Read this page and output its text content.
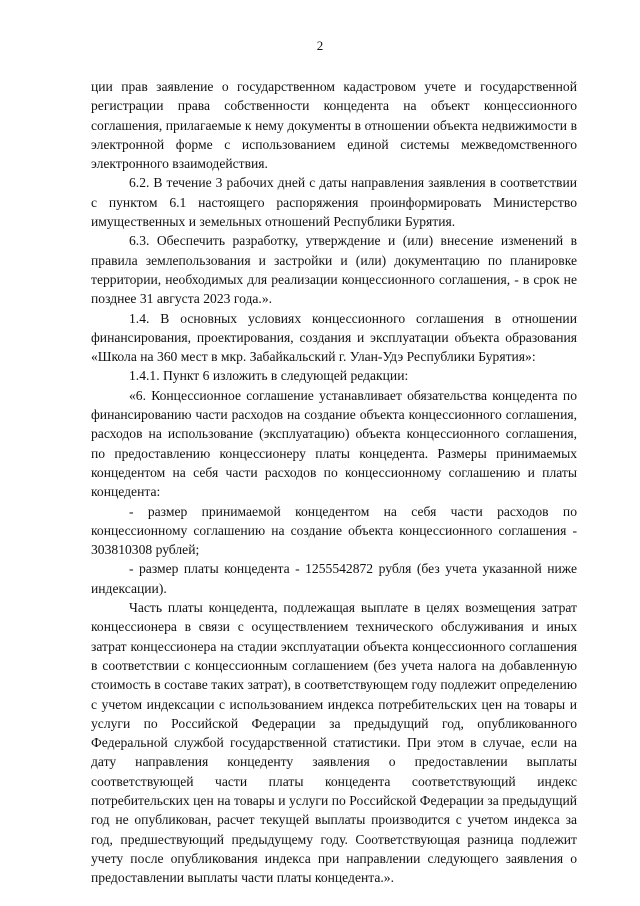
2

ции прав заявление о государственном кадастровом учете и государственной регистрации права собственности концедента на объект концессионного соглашения, прилагаемые к нему документы в отношении объекта недвижимости в электронной форме с использованием единой системы межведомственного электронного взаимодействия.

6.2. В течение 3 рабочих дней с даты направления заявления в соответствии с пунктом 6.1 настоящего распоряжения проинформировать Министерство имущественных и земельных отношений Республики Бурятия.

6.3. Обеспечить разработку, утверждение и (или) внесение изменений в правила землепользования и застройки и (или) документацию по планировке территории, необходимых для реализации концессионного соглашения, - в срок не позднее 31 августа 2023 года.».

1.4. В основных условиях концессионного соглашения в отношении финансирования, проектирования, создания и эксплуатации объекта образования «Школа на 360 мест в мкр. Забайкальский г. Улан-Удэ Республики Бурятия»:

1.4.1. Пункт 6 изложить в следующей редакции:

«6. Концессионное соглашение устанавливает обязательства концедента по финансированию части расходов на создание объекта концессионного соглашения, расходов на использование (эксплуатацию) объекта концессионного соглашения, по предоставлению концессионеру платы концедента. Размеры принимаемых концедентом на себя части расходов по концессионному соглашению и платы концедента:

- размер принимаемой концедентом на себя части расходов по концессионному соглашению на создание объекта концессионного соглашения - 303810308 рублей;

- размер платы концедента - 1255542872 рубля (без учета указанной ниже индексации).

Часть платы концедента, подлежащая выплате в целях возмещения затрат концессионера в связи с осуществлением технического обслуживания и иных затрат концессионера на стадии эксплуатации объекта концессионного соглашения в соответствии с концессионным соглашением (без учета налога на добавленную стоимость в составе таких затрат), в соответствующем году подлежит определению с учетом индексации с использованием индекса потребительских цен на товары и услуги по Российской Федерации за предыдущий год, опубликованного Федеральной службой государственной статистики. При этом в случае, если на дату направления концеденту заявления о предоставлении выплаты соответствующей части платы концедента соответствующий индекс потребительских цен на товары и услуги по Российской Федерации за предыдущий год не опубликован, расчет текущей выплаты производится с учетом индекса за год, предшествующий предыдущему году. Соответствующая разница подлежит учету после опубликования индекса при направлении следующего заявления о предоставлении выплаты части платы концедента.».
